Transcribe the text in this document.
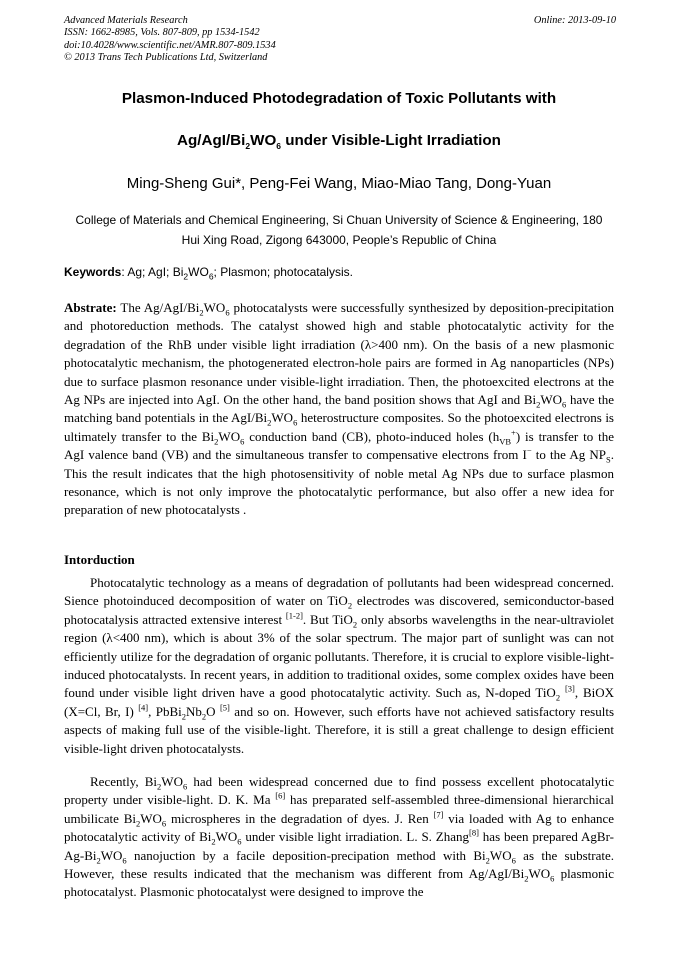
Advanced Materials Research
ISSN: 1662-8985, Vols. 807-809, pp 1534-1542
doi:10.4028/www.scientific.net/AMR.807-809.1534
© 2013 Trans Tech Publications Ltd, Switzerland
Online: 2013-09-10
Plasmon-Induced Photodegradation of Toxic Pollutants with
$Ag/AgI/Bi_2WO_6$ under Visible-Light Irradiation
Ming-Sheng Gui*, Peng-Fei Wang, Miao-Miao Tang, Dong-Yuan
College of Materials and Chemical Engineering, Si Chuan University of Science & Engineering, 180
Hui Xing Road, Zigong 643000, People’s Republic of China
Keywords: Ag; AgI; $Bi_2WO_6$; Plasmon; photocatalysis.
Abstrate: The $Ag/AgI/Bi_2WO_6$ photocatalysts were successfully synthesized by deposition-precipitation and photoreduction methods. The catalyst showed high and stable photocatalytic activity for the degradation of the RhB under visible light irradiation (λ>400 nm). On the basis of a new plasmonic photocatalytic mechanism, the photogenerated electron-hole pairs are formed in Ag nanoparticles (NPs) due to surface plasmon resonance under visible-light irradiation. Then, the photoexcited electrons at the Ag NPs are injected into AgI. On the other hand, the band position shows that AgI and $Bi_2WO_6$ have the matching band potentials in the AgI/$Bi_2WO_6$ heterostructure composites. So the photoexcited electrons is ultimately transfer to the $Bi_2WO_6$ conduction band (CB), photo-induced holes $(h_{VB}^+)$ is transfer to the AgI valence band (VB) and the simultaneous transfer to compensative electrons from I− to the Ag $NP_S$. This the result indicates that the high photosensitivity of noble metal Ag NPs due to surface plasmon resonance, which is not only improve the photocatalytic performance, but also offer a new idea for preparation of new photocatalysts .
Intorduction
Photocatalytic technology as a means of degradation of pollutants had been widespread concerned. Sience photoinduced decomposition of water on TiO$_2$ electrodes was discovered, semiconductor-based photocatalysis attracted extensive interest [1-2]. But TiO$_2$ only absorbs wavelengths in the near-ultraviolet region (λ<400 nm), which is about 3% of the solar spectrum. The major part of sunlight was can not efficiently utilize for the degradation of organic pollutants. Therefore, it is crucial to explore visible-light- induced photocatalysts. In recent years, in addition to traditional oxides, some complex oxides have been found under visible light driven have a good photocatalytic activity. Such as, N-doped TiO$_2$ [3], BiOX (X=Cl, Br, I) [4], $PbBi_2Nb_2O$ [5] and so on. However, such efforts have not achieved satisfactory results aspects of making full use of the visible-light. Therefore, it is still a great challenge to design efficient visible-light driven photocatalysts.
Recently, $Bi_2WO_6$ had been widespread concerned due to find possess excellent photocatalytic property under visible-light. D. K. Ma [6] has preparated self-assembled three-dimensional hierarchical umbilicate $Bi_2WO_6$ microspheres in the degradation of dyes. J. Ren [7] via loaded with Ag to enhance photocatalytic activity of $Bi_2WO_6$ under visible light irradiation. L. S. Zhang[8] has been prepared AgBr-$Ag-Bi_2WO_6$ nanojuction by a facile deposition-precipation method with $Bi_2WO_6$ as the substrate. However, these results indicated that the mechanism was different from $Ag/AgI/Bi_2WO_6$ plasmonic photocatalyst. Plasmonic photocatalyst were designed to improve the
